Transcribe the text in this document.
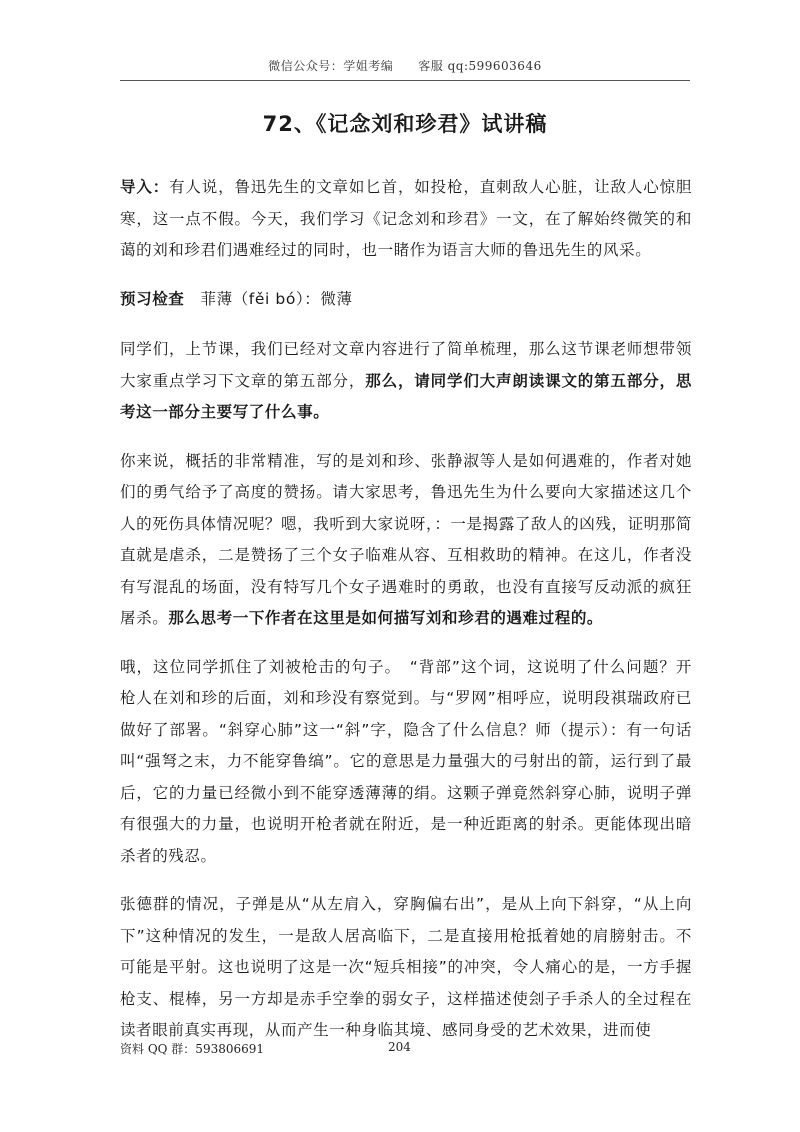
微信公众号：学姐考编　　客服 qq:599603646
72、《记念刘和珍君》试讲稿

导入：有人说，鲁迅先生的文章如匕首，如投枪，直刺敌人心脏，让敌人心惊胆寒，这一点不假。今天，我们学习《记念刘和珍君》一文，在了解始终微笑的和蔼的刘和珍君们遇难经过的同时，也一睹作为语言大师的鲁迅先生的风采。

预习检查　菲薄（fěi bó）：微薄

同学们，上节课，我们已经对文章内容进行了简单梳理，那么这节课老师想带领大家重点学习下文章的第五部分，那么，请同学们大声朗读课文的第五部分，思考这一部分主要写了什么事。

你来说，概括的非常精准，写的是刘和珍、张静淑等人是如何遇难的，作者对她们的勇气给予了高度的赞扬。请大家思考，鲁迅先生为什么要向大家描述这几个人的死伤具体情况呢？嗯，我听到大家说呀，：一是揭露了敌人的凶残，证明那简直就是虐杀，二是赞扬了三个女子临难从容、互相救助的精神。在这儿，作者没有写混乱的场面，没有特写几个女子遇难时的勇敢，也没有直接写反动派的疯狂屠杀。那么思考一下作者在这里是如何描写刘和珍君的遇难过程的。

哦，这位同学抓住了刘被枪击的句子。　“背部”这个词，这说明了什么问题？开枪人在刘和珍的后面，刘和珍没有察觉到。与“罗网”相呼应，说明段祺瑞政府已做好了部署。“斜穿心肺”这一“斜”字，隐含了什么信息？师（提示）：有一句话叫“强弩之末，力不能穿鲁缟”。它的意思是力量强大的弓射出的箭，运行到了最后，它的力量已经微小到不能穿透薄薄的绢。这颗子弹竟然斜穿心肺，说明子弹有很强大的力量，也说明开枪者就在附近，是一种近距离的射杀。更能体现出暗杀者的残忍。

张德群的情况，子弹是从“从左肩入，穿胸偏右出”，是从上向下斜穿，“从上向下”这种情况的发生，一是敌人居高临下，二是直接用枪抵着她的肩膀射击。不可能是平射。这也说明了这是一次“短兵相接”的冲突，令人痛心的是，一方手握枪支、棍棒，另一方却是赤手空拳的弱女子，这样描述使刽子手杀人的全过程在读者眼前真实再现，从而产生一种身临其境、感同身受的艺术效果，进而使

资料 QQ 群：593806691	204
